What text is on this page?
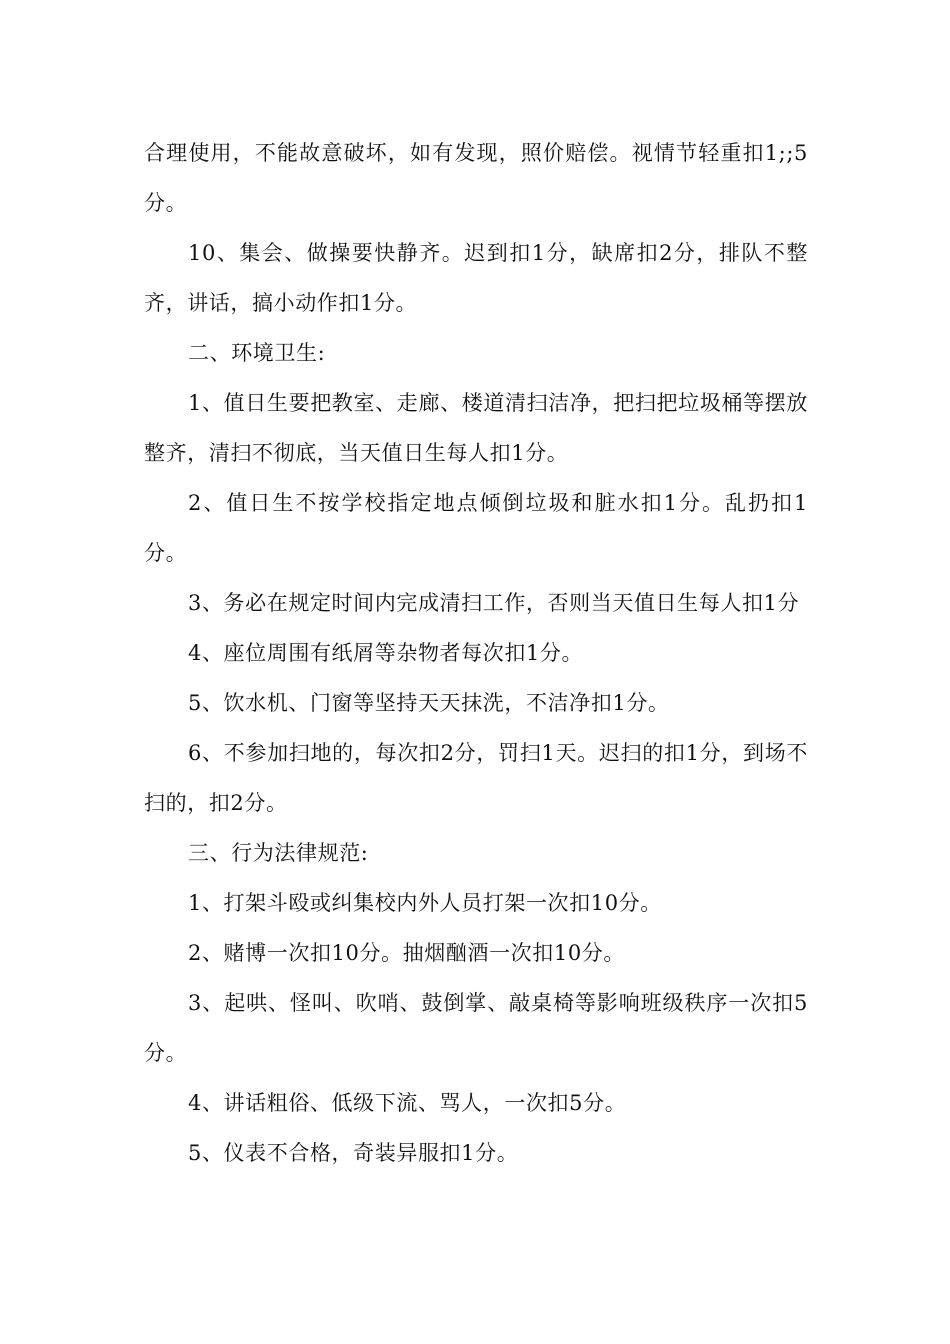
合理使用，不能故意破坏，如有发现，照价赔偿。视情节轻重扣1;;5分。

10、集会、做操要快静齐。迟到扣1分，缺席扣2分，排队不整齐，讲话，搞小动作扣1分。

二、环境卫生:

1、值日生要把教室、走廊、楼道清扫洁净，把扫把垃圾桶等摆放整齐，清扫不彻底，当天值日生每人扣1分。

2、值日生不按学校指定地点倾倒垃圾和脏水扣1分。乱扔扣1分。

3、务必在规定时间内完成清扫工作，否则当天值日生每人扣1分

4、座位周围有纸屑等杂物者每次扣1分。

5、饮水机、门窗等坚持天天抹洗，不洁净扣1分。

6、不参加扫地的，每次扣2分，罚扫1天。迟扫的扣1分，到场不扫的，扣2分。

三、行为法律规范:

1、打架斗殴或纠集校内外人员打架一次扣10分。

2、赌博一次扣10分。抽烟酗酒一次扣10分。

3、起哄、怪叫、吹哨、鼓倒掌、敲桌椅等影响班级秩序一次扣5分。

4、讲话粗俗、低级下流、骂人，一次扣5分。

5、仪表不合格，奇装异服扣1分。
